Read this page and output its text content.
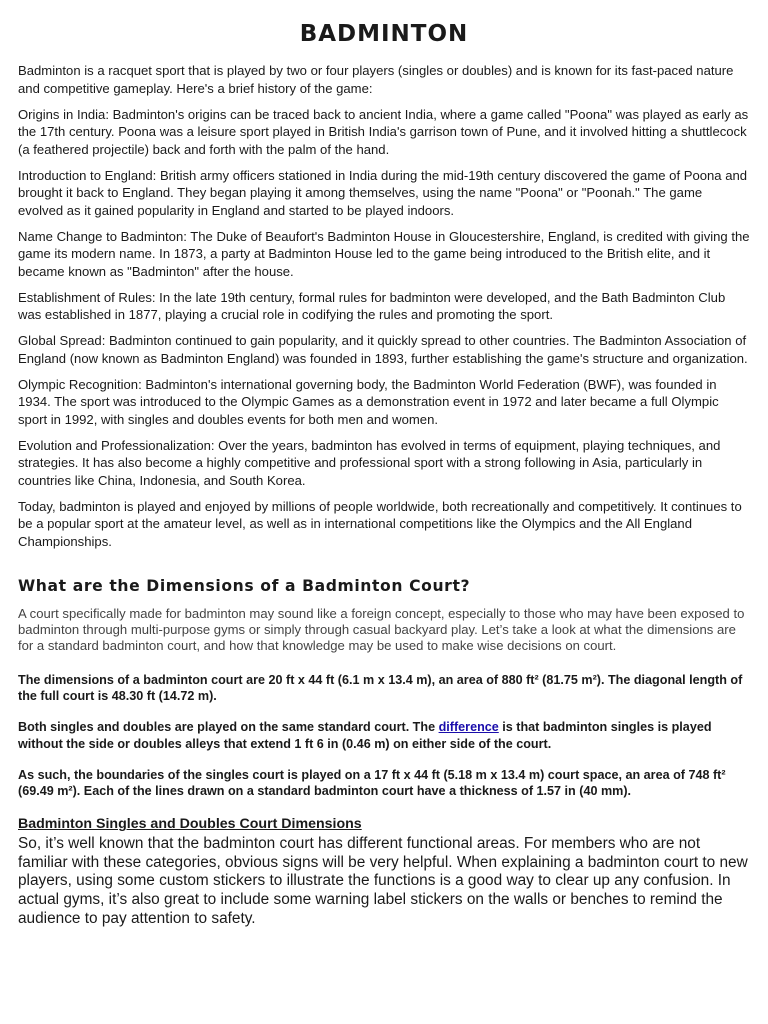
BADMINTON

Badminton is a racquet sport that is played by two or four players (singles or doubles) and is known for its fast-paced nature and competitive gameplay. Here's a brief history of the game:

Origins in India: Badminton's origins can be traced back to ancient India, where a game called "Poona" was played as early as the 17th century. Poona was a leisure sport played in British India's garrison town of Pune, and it involved hitting a shuttlecock (a feathered projectile) back and forth with the palm of the hand.

Introduction to England: British army officers stationed in India during the mid-19th century discovered the game of Poona and brought it back to England. They began playing it among themselves, using the name "Poona" or "Poonah." The game evolved as it gained popularity in England and started to be played indoors.

Name Change to Badminton: The Duke of Beaufort's Badminton House in Gloucestershire, England, is credited with giving the game its modern name. In 1873, a party at Badminton House led to the game being introduced to the British elite, and it became known as "Badminton" after the house.

Establishment of Rules: In the late 19th century, formal rules for badminton were developed, and the Bath Badminton Club was established in 1877, playing a crucial role in codifying the rules and promoting the sport.

Global Spread: Badminton continued to gain popularity, and it quickly spread to other countries. The Badminton Association of England (now known as Badminton England) was founded in 1893, further establishing the game's structure and organization.

Olympic Recognition: Badminton's international governing body, the Badminton World Federation (BWF), was founded in 1934. The sport was introduced to the Olympic Games as a demonstration event in 1972 and later became a full Olympic sport in 1992, with singles and doubles events for both men and women.

Evolution and Professionalization: Over the years, badminton has evolved in terms of equipment, playing techniques, and strategies. It has also become a highly competitive and professional sport with a strong following in Asia, particularly in countries like China, Indonesia, and South Korea.

Today, badminton is played and enjoyed by millions of people worldwide, both recreationally and competitively. It continues to be a popular sport at the amateur level, as well as in international competitions like the Olympics and the All England Championships.

What are the Dimensions of a Badminton Court?

A court specifically made for badminton may sound like a foreign concept, especially to those who may have been exposed to badminton through multi-purpose gyms or simply through casual backyard play. Let’s take a look at what the dimensions are for a standard badminton court, and how that knowledge may be used to make wise decisions on court.

The dimensions of a badminton court are 20 ft x 44 ft (6.1 m x 13.4 m), an area of 880 ft² (81.75 m²). The diagonal length of the full court is 48.30 ft (14.72 m).

Both singles and doubles are played on the same standard court. The difference is that badminton singles is played without the side or doubles alleys that extend 1 ft 6 in (0.46 m) on either side of the court.

As such, the boundaries of the singles court is played on a 17 ft x 44 ft (5.18 m x 13.4 m) court space, an area of 748 ft² (69.49 m²). Each of the lines drawn on a standard badminton court have a thickness of 1.57 in (40 mm).

Badminton Singles and Doubles Court Dimensions

So, it’s well known that the badminton court has different functional areas. For members who are not familiar with these categories, obvious signs will be very helpful. When explaining a badminton court to new players, using some custom stickers to illustrate the functions is a good way to clear up any confusion. In actual gyms, it’s also great to include some warning label stickers on the walls or benches to remind the audience to pay attention to safety.
